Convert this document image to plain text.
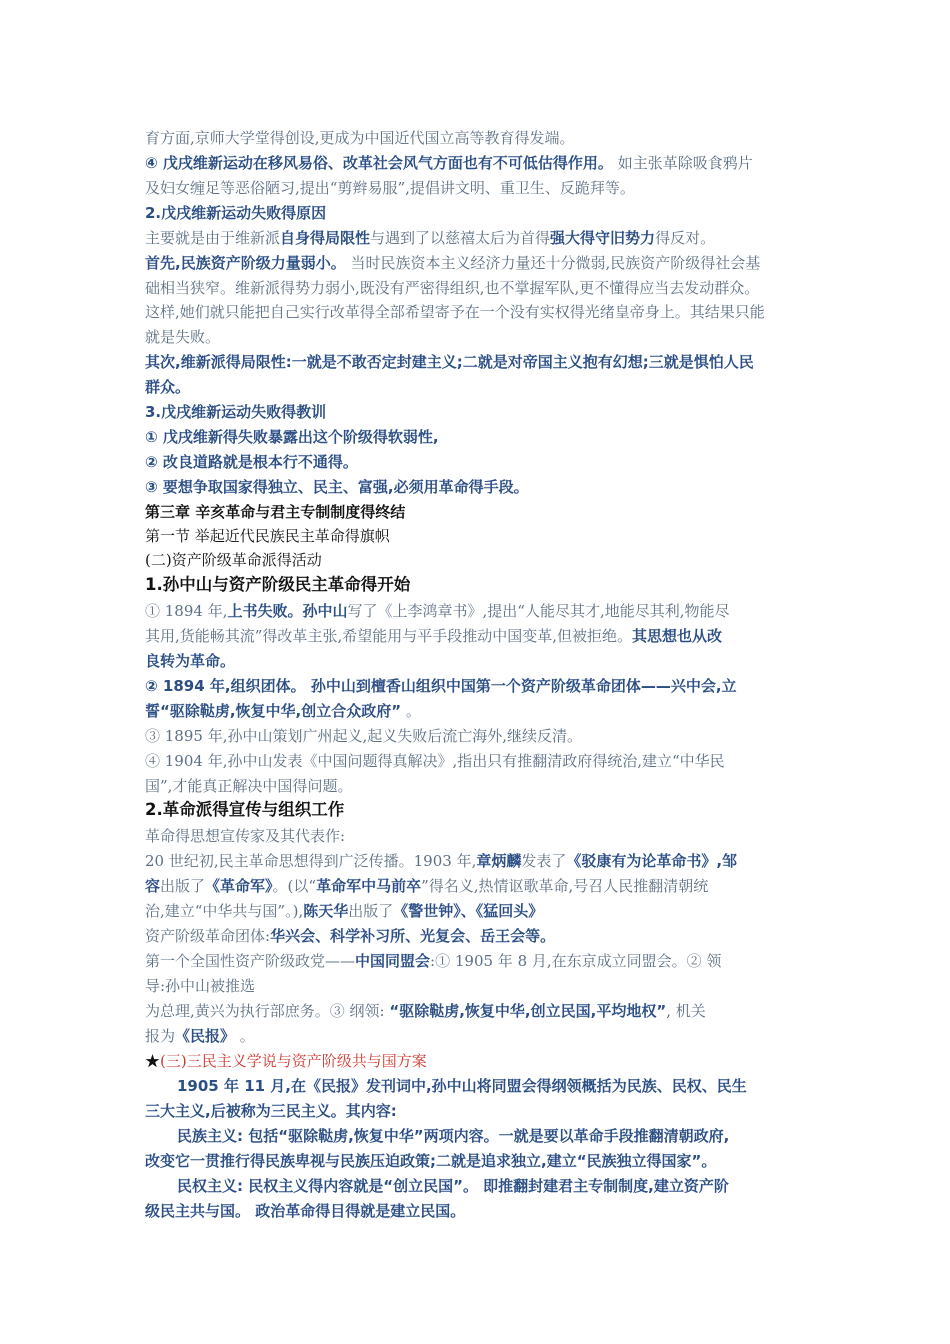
育方面,京师大学堂得创设,更成为中国近代国立高等教育得发端。
④ 戊戌维新运动在移风易俗、改革社会风气方面也有不可低估得作用。 如主张革除吸食鸦片
及妇女缠足等恶俗陋习,提出“剪辫易服”,提倡讲文明、重卫生、反跪拜等。
2.戊戌维新运动失败得原因
主要就是由于维新派自身得局限性与遇到了以慈禧太后为首得强大得守旧势力得反对。
首先,民族资产阶级力量弱小。 当时民族资本主义经济力量还十分微弱,民族资产阶级得社会基
础相当狭窄。维新派得势力弱小,既没有严密得组织,也不掌握军队,更不懂得应当去发动群众。
这样,她们就只能把自己实行改革得全部希望寄予在一个没有实权得光绪皇帝身上。其结果只能
就是失败。
其次,维新派得局限性:一就是不敢否定封建主义;二就是对帝国主义抱有幻想;三就是惧怕人民
群众。
3.戊戌维新运动失败得教训
① 戊戌维新得失败暴露出这个阶级得软弱性,
② 改良道路就是根本行不通得。
③ 要想争取国家得独立、民主、富强,必须用革命得手段。
第三章 辛亥革命与君主专制制度得终结
第一节 举起近代民族民主革命得旗帜
(二)资产阶级革命派得活动
1.孙中山与资产阶级民主革命得开始
① 1894 年,上书失败。孙中山写了《上李鸿章书》,提出“人能尽其才,地能尽其利,物能尽
其用,货能畅其流”得改革主张,希望能用与平手段推动中国变革,但被拒绝。其思想也从改
良转为革命。
② 1894 年,组织团体。 孙中山到檀香山组织中国第一个资产阶级革命团体——兴中会,立
誓“驱除鞑虏,恢复中华,创立合众政府” 。
③ 1895 年,孙中山策划广州起义,起义失败后流亡海外,继续反清。
④ 1904 年,孙中山发表《中国问题得真解决》,指出只有推翻清政府得统治,建立“中华民
国”,才能真正解决中国得问题。
2.革命派得宣传与组织工作
革命得思想宣传家及其代表作:
20 世纪初,民主革命思想得到广泛传播。1903 年,章炳麟发表了《驳康有为论革命书》,邹
容出版了《革命军》。(以“革命军中马前卒”得名义,热情讴歌革命,号召人民推翻清朝统
治,建立“中华共与国”。),陈天华出版了《警世钟》、《猛回头》
资产阶级革命团体:华兴会、科学补习所、光复会、岳王会等。
第一个全国性资产阶级政党——中国同盟会:① 1905 年 8 月,在东京成立同盟会。② 领
导:孙中山被推选
为总理,黄兴为执行部庶务。③ 纲领: “驱除鞑虏,恢复中华,创立民国,平均地权”, 机关
报为《民报》 。
★(三)三民主义学说与资产阶级共与国方案
1905 年 11 月,在《民报》发刊词中,孙中山将同盟会得纲领概括为民族、民权、民生
三大主义,后被称为三民主义。其内容:
民族主义: 包括“驱除鞑虏,恢复中华”两项内容。一就是要以革命手段推翻清朝政府,
改变它一贯推行得民族卑视与民族压迫政策;二就是追求独立,建立“民族独立得国家”。
民权主义: 民权主义得内容就是“创立民国”。 即推翻封建君主专制制度,建立资产阶
级民主共与国。 政治革命得目得就是建立民国。
